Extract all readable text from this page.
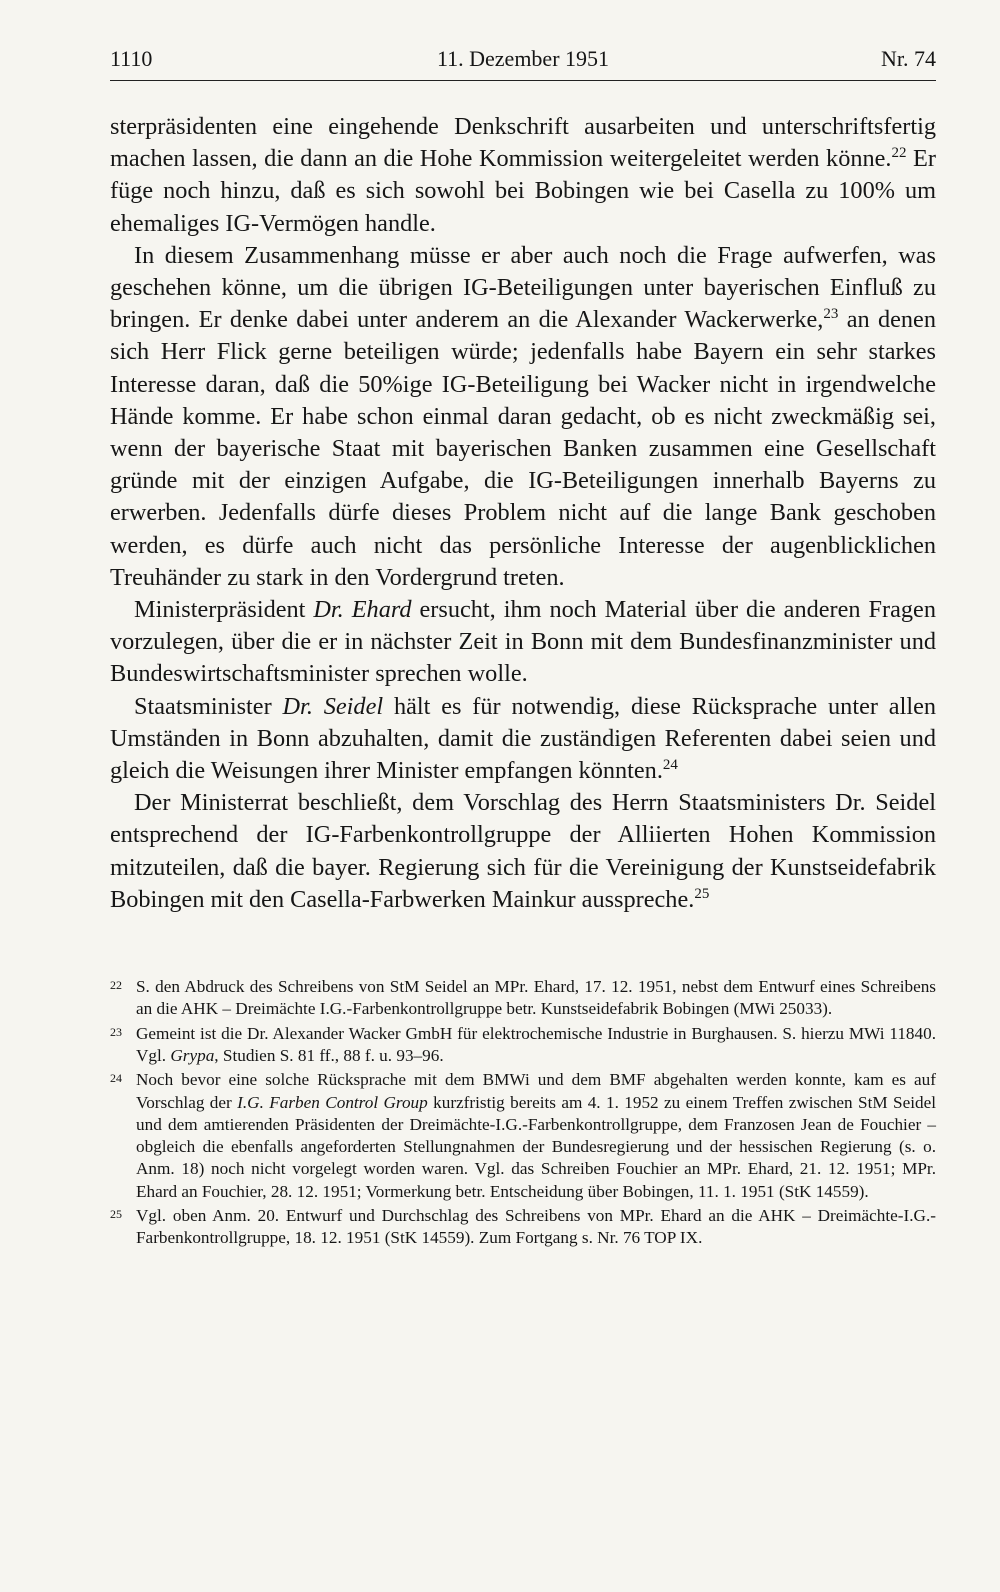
1110	11. Dezember 1951	Nr. 74

sterpräsidenten eine eingehende Denkschrift ausarbeiten und unterschriftsfertig machen lassen, die dann an die Hohe Kommission weitergeleitet werden könne.$^{22}$ Er füge noch hinzu, daß es sich sowohl bei Bobingen wie bei Casella zu 100% um ehemaliges IG-Vermögen handle.

In diesem Zusammenhang müsse er aber auch noch die Frage aufwerfen, was geschehen könne, um die übrigen IG-Beteiligungen unter bayerischen Einfluß zu bringen. Er denke dabei unter anderem an die Alexander Wackerwerke,$^{23}$ an denen sich Herr Flick gerne beteiligen würde; jedenfalls habe Bayern ein sehr starkes Interesse daran, daß die 50%ige IG-Beteiligung bei Wacker nicht in irgendwelche Hände komme. Er habe schon einmal daran gedacht, ob es nicht zweckmäßig sei, wenn der bayerische Staat mit bayerischen Banken zusammen eine Gesellschaft gründe mit der einzigen Aufgabe, die IG-Beteiligungen innerhalb Bayerns zu erwerben. Jedenfalls dürfe dieses Problem nicht auf die lange Bank geschoben werden, es dürfe auch nicht das persönliche Interesse der augenblicklichen Treuhänder zu stark in den Vordergrund treten.

Ministerpräsident Dr. Ehard ersucht, ihm noch Material über die anderen Fragen vorzulegen, über die er in nächster Zeit in Bonn mit dem Bundesfinanzminister und Bundeswirtschaftsminister sprechen wolle.

Staatsminister Dr. Seidel hält es für notwendig, diese Rücksprache unter allen Umständen in Bonn abzuhalten, damit die zuständigen Referenten dabei seien und gleich die Weisungen ihrer Minister empfangen könnten.$^{24}$

Der Ministerrat beschließt, dem Vorschlag des Herrn Staatsministers Dr. Seidel entsprechend der IG-Farbenkontrollgruppe der Alliierten Hohen Kommission mitzuteilen, daß die bayer. Regierung sich für die Vereinigung der Kunstseidefabrik Bobingen mit den Casella-Farbwerken Mainkur ausspreche.$^{25}$

22 S. den Abdruck des Schreibens von StM Seidel an MPr. Ehard, 17. 12. 1951, nebst dem Entwurf eines Schreibens an die AHK – Dreimächte I.G.-Farbenkontrollgruppe betr. Kunstseidefabrik Bobingen (MWi 25033).
23 Gemeint ist die Dr. Alexander Wacker GmbH für elektrochemische Industrie in Burghausen. S. hierzu MWi 11840. Vgl. Grypa, Studien S. 81 ff., 88 f. u. 93–96.
24 Noch bevor eine solche Rücksprache mit dem BMWi und dem BMF abgehalten werden konnte, kam es auf Vorschlag der I.G. Farben Control Group kurzfristig bereits am 4. 1. 1952 zu einem Treffen zwischen StM Seidel und dem amtierenden Präsidenten der Dreimächte-I.G.-Farbenkontrollgruppe, dem Franzosen Jean de Fouchier – obgleich die ebenfalls angeforderten Stellungnahmen der Bundesregierung und der hessischen Regierung (s. o. Anm. 18) noch nicht vorgelegt worden waren. Vgl. das Schreiben Fouchier an MPr. Ehard, 21. 12. 1951; MPr. Ehard an Fouchier, 28. 12. 1951; Vormerkung betr. Entscheidung über Bobingen, 11. 1. 1951 (StK 14559).
25 Vgl. oben Anm. 20. Entwurf und Durchschlag des Schreibens von MPr. Ehard an die AHK – Dreimächte-I.G.-Farbenkontrollgruppe, 18. 12. 1951 (StK 14559). Zum Fortgang s. Nr. 76 TOP IX.
